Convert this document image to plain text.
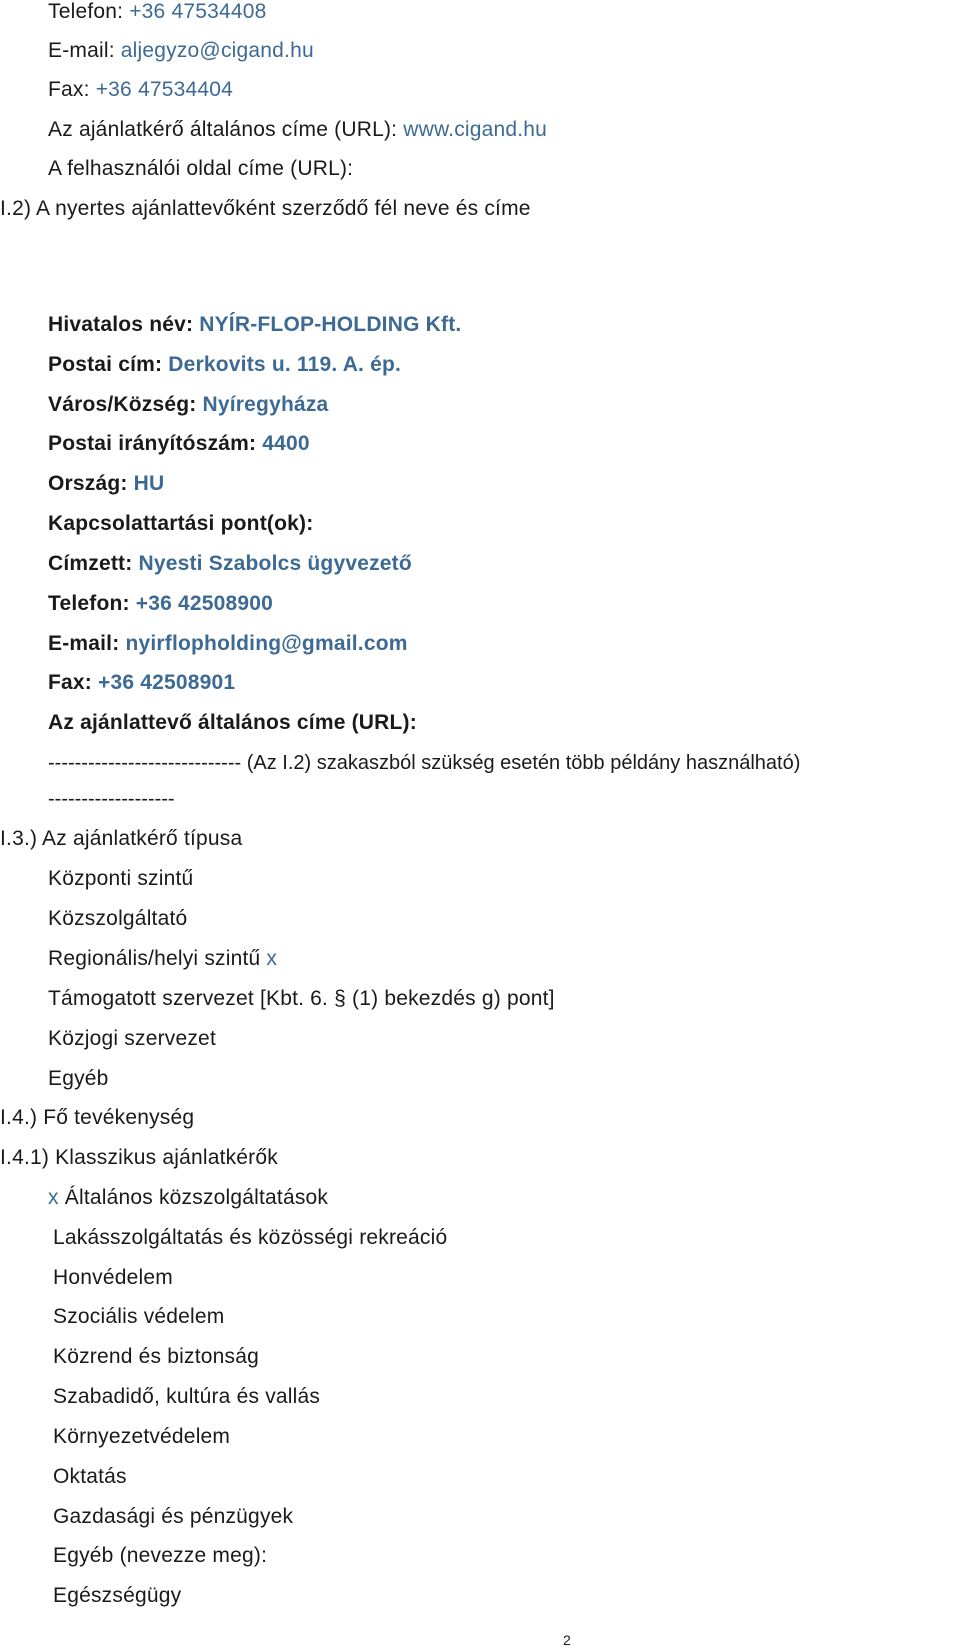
Telefon: +36 47534408
E-mail: aljegyzo@cigand.hu
Fax: +36 47534404
Az ajánlatkérő általános címe (URL): www.cigand.hu
A felhasználói oldal címe (URL):
I.2) A nyertes ajánlattevőként szerződő fél neve és címe
Hivatalos név: NYÍR-FLOP-HOLDING Kft.
Postai cím: Derkovits u. 119. A. ép.
Város/Község: Nyíregyháza
Postai irányítószám: 4400
Ország: HU
Kapcsolattartási pont(ok):
Címzett: Nyesti Szabolcs ügyvezető
Telefon: +36 42508900
E-mail: nyirflopholding@gmail.com
Fax: +36 42508901
Az ajánlattevő általános címe (URL):
----------------------------- (Az I.2) szakaszból szükség esetén több példány használható)
-------------------
I.3.) Az ajánlatkérő típusa
Központi szintű
Közszolgáltató
Regionális/helyi szintű x
Támogatott szervezet [Kbt. 6. § (1) bekezdés g) pont]
Közjogi szervezet
Egyéb
I.4.) Fő tevékenység
I.4.1) Klasszikus ajánlatkérők
x Általános közszolgáltatások
Lakásszolgáltatás és közösségi rekreáció
Honvédelem
Szociális védelem
Közrend és biztonság
Szabadidő, kultúra és vallás
Környezetvédelem
Oktatás
Gazdasági és pénzügyek
Egyéb (nevezze meg):
Egészségügy
2
